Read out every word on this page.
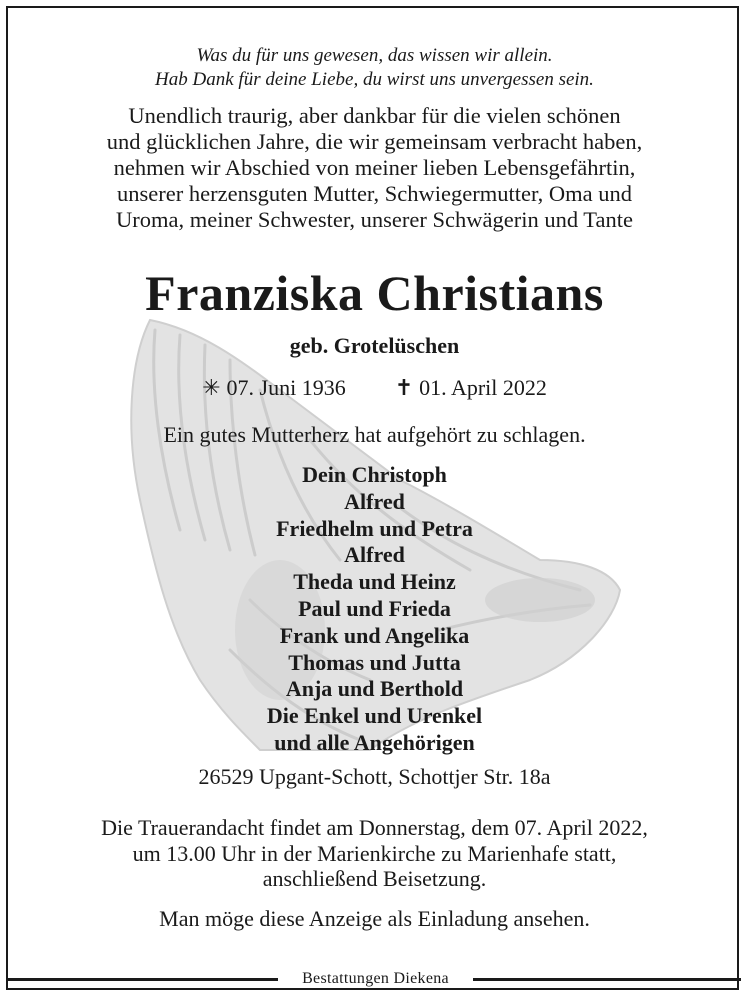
Was du für uns gewesen, das wissen wir allein.
Hab Dank für deine Liebe, du wirst uns unvergessen sein.
Unendlich traurig, aber dankbar für die vielen schönen
und glücklichen Jahre, die wir gemeinsam verbracht haben,
nehmen wir Abschied von meiner lieben Lebensgefährtin,
unserer herzensguten Mutter, Schwiegermutter, Oma und
Uroma, meiner Schwester, unserer Schwägerin und Tante
Franziska Christians
geb. Grotelüschen
✳ 07. Juni 1936 ✝ 01. April 2022
Ein gutes Mutterherz hat aufgehört zu schlagen.
Dein Christoph
Alfred
Friedhelm und Petra
Alfred
Theda und Heinz
Paul und Frieda
Frank und Angelika
Thomas und Jutta
Anja und Berthold
Die Enkel und Urenkel
und alle Angehörigen
26529 Upgant-Schott, Schottjer Str. 18a
Die Trauerandacht findet am Donnerstag, dem 07. April 2022,
um 13.00 Uhr in der Marienkirche zu Marienhafe statt,
anschließend Beisetzung.
Man möge diese Anzeige als Einladung ansehen.
Bestattungen Diekena
